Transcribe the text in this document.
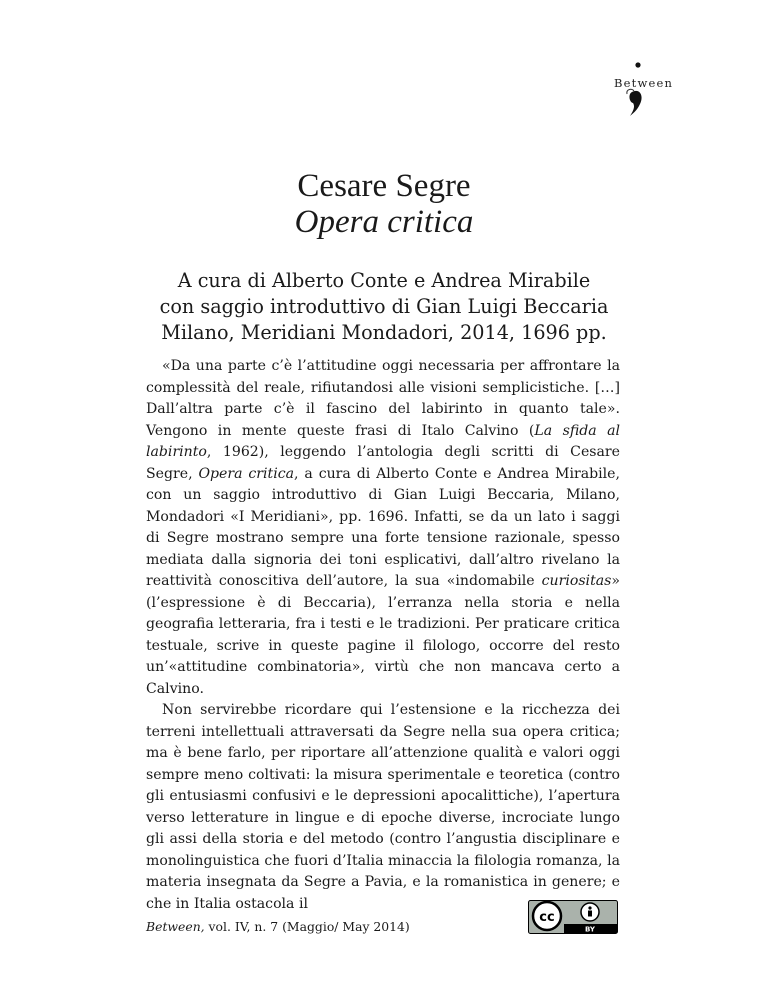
Between
Cesare Segre
Opera critica
A cura di Alberto Conte e Andrea Mirabile
con saggio introduttivo di Gian Luigi Beccaria
Milano, Meridiani Mondadori, 2014, 1696 pp.

«Da una parte c’è l’attitudine oggi necessaria per affrontare la complessità del reale, rifiutandosi alle visioni semplicistiche. […] Dall’altra parte c’è il fascino del labirinto in quanto tale». Vengono in mente queste frasi di Italo Calvino (La sfida al labirinto, 1962), leggendo l’antologia degli scritti di Cesare Segre, Opera critica, a cura di Alberto Conte e Andrea Mirabile, con un saggio introduttivo di Gian Luigi Beccaria, Milano, Mondadori «I Meridiani», pp. 1696. Infatti, se da un lato i saggi di Segre mostrano sempre una forte tensione razionale, spesso mediata dalla signoria dei toni esplicativi, dall’altro rivelano la reattività conoscitiva dell’autore, la sua «indomabile curiositas» (l’espressione è di Beccaria), l’erranza nella storia e nella geografia letteraria, fra i testi e le tradizioni. Per praticare critica testuale, scrive in queste pagine il filologo, occorre del resto un’«attitudine combinatoria», virtù che non mancava certo a Calvino.

Non servirebbe ricordare qui l’estensione e la ricchezza dei terreni intellettuali attraversati da Segre nella sua opera critica; ma è bene farlo, per riportare all’attenzione qualità e valori oggi sempre meno coltivati: la misura sperimentale e teoretica (contro gli entusiasmi confusivi e le depressioni apocalittiche), l’apertura verso letterature in lingue e di epoche diverse, incrociate lungo gli assi della storia e del metodo (contro l’angustia disciplinare e monolinguistica che fuori d’Italia minaccia la filologia romanza, la materia insegnata da Segre a Pavia, e la romanistica in genere; e che in Italia ostacola il

Between, vol. IV, n. 7 (Maggio/ May 2014)
cc
BY
